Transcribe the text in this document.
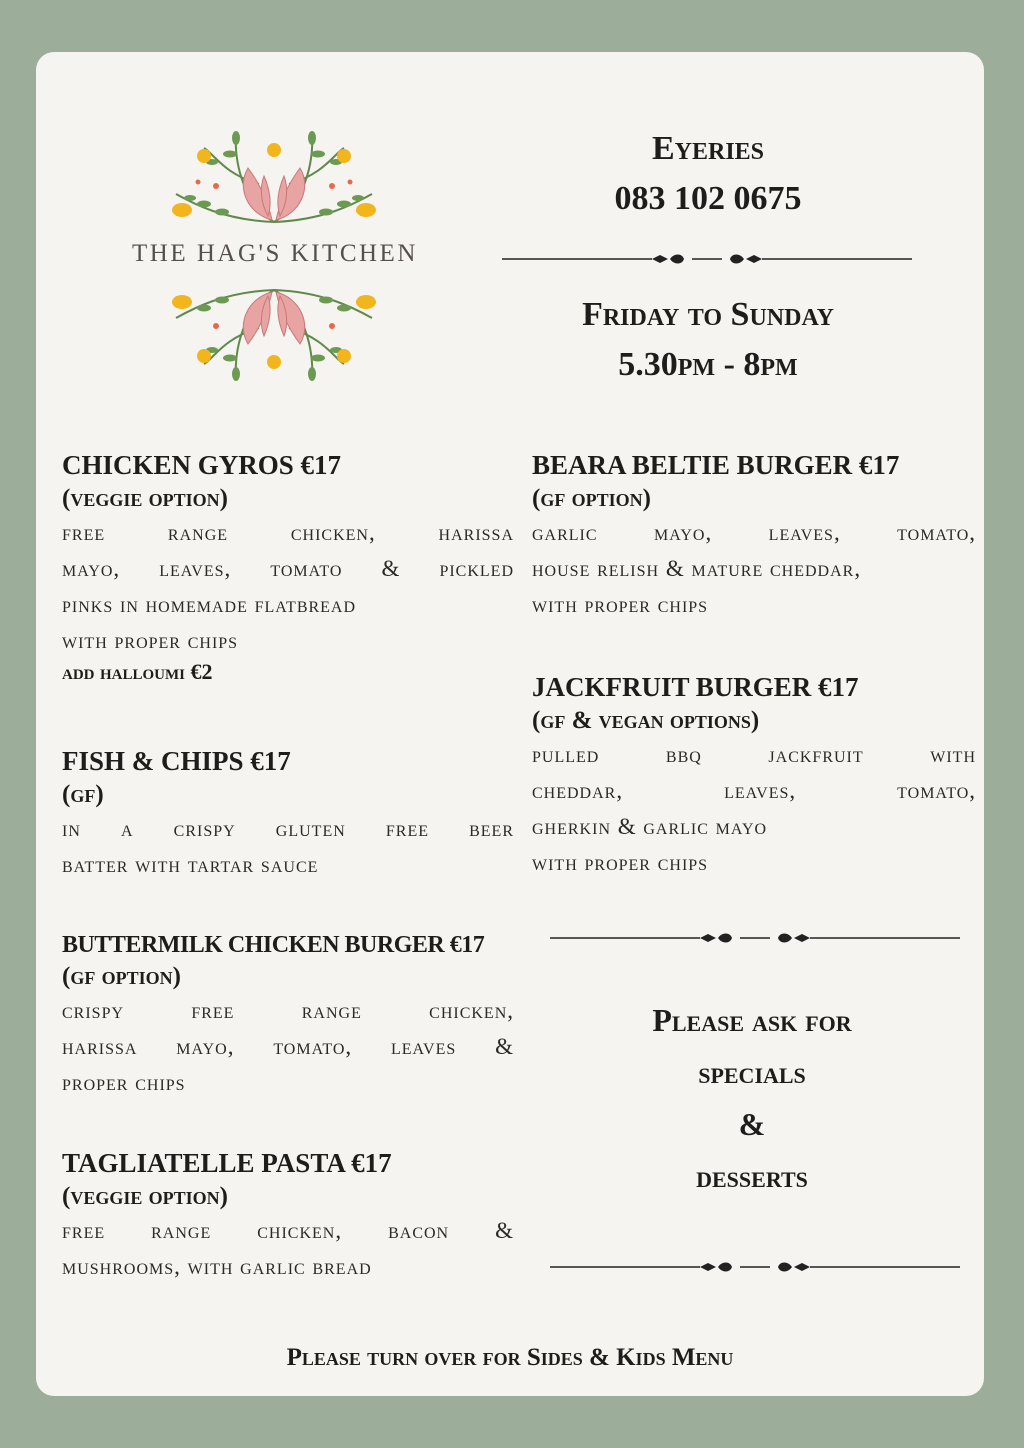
THE HAG'S KITCHEN
Eyeries
083 102 0675
Friday to Sunday
5.30pm - 8pm
CHICKEN GYROS €17
(veggie option)
free range chicken, harissa
mayo, leaves, tomato & pickled
pinks in homemade flatbread
with proper chips
add halloumi €2
FISH & CHIPS €17
(gf)
in a crispy gluten free beer
batter with tartar sauce
BUTTERMILK CHICKEN BURGER €17
(gf option)
crispy free range chicken,
harissa mayo, tomato, leaves &
proper chips
TAGLIATELLE PASTA €17
(veggie option)
free range chicken, bacon &
mushrooms, with garlic bread
BEARA BELTIE BURGER €17
(gf option)
garlic mayo, leaves, tomato,
house relish & mature cheddar,
with proper chips
JACKFRUIT BURGER €17
(gf & vegan options)
pulled bbq jackfruit with
cheddar, leaves, tomato,
gherkin & garlic mayo
with proper chips
Please ask for
specials
&
desserts
Please turn over for Sides & Kids Menu
